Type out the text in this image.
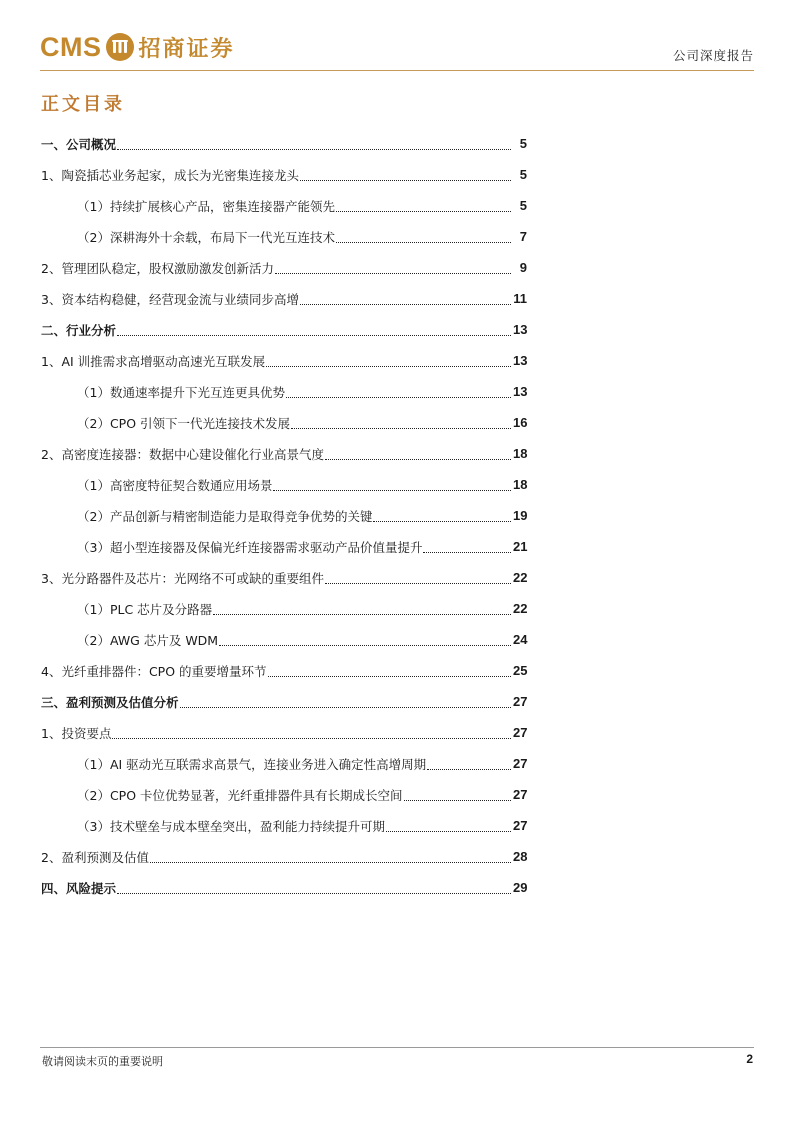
CMS 招商证券	公司深度报告
正文目录
一、公司概况	5
1、陶瓷插芯业务起家，成长为光密集连接龙头	5
（1）持续扩展核心产品，密集连接器产能领先	5
（2）深耕海外十余载，布局下一代光互连技术	7
2、管理团队稳定，股权激励激发创新活力	9
3、资本结构稳健，经营现金流与业绩同步高增	11
二、行业分析	13
1、AI 训推需求高增驱动高速光互联发展	13
（1）数通速率提升下光互连更具优势	13
（2）CPO 引领下一代光连接技术发展	16
2、高密度连接器：数据中心建设催化行业高景气度	18
（1）高密度特征契合数通应用场景	18
（2）产品创新与精密制造能力是取得竞争优势的关键	19
（3）超小型连接器及保偏光纤连接器需求驱动产品价值量提升	21
3、光分路器件及芯片：光网络不可或缺的重要组件	22
（1）PLC 芯片及分路器	22
（2）AWG 芯片及 WDM	24
4、光纤重排器件：CPO 的重要增量环节	25
三、盈利预测及估值分析	27
1、投资要点	27
（1）AI 驱动光互联需求高景气，连接业务进入确定性高增周期	27
（2）CPO 卡位优势显著，光纤重排器件具有长期成长空间	27
（3）技术壁垒与成本壁垒突出，盈利能力持续提升可期	27
2、盈利预测及估值	28
四、风险提示	29
敬请阅读末页的重要说明	2
